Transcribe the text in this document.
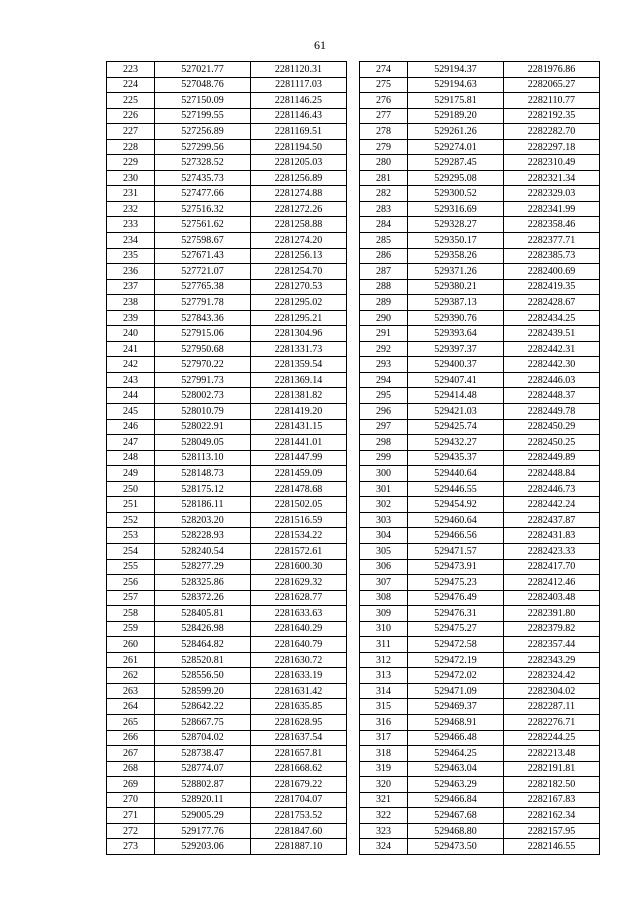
61
223	527021.77	2281120.31
224	527048.76	2281117.03
225	527150.09	2281146.25
226	527199.55	2281146.43
227	527256.89	2281169.51
228	527299.56	2281194.50
229	527328.52	2281205.03
230	527435.73	2281256.89
231	527477.66	2281274.88
232	527516.32	2281272.26
233	527561.62	2281258.88
234	527598.67	2281274.20
235	527671.43	2281256.13
236	527721.07	2281254.70
237	527765.38	2281270.53
238	527791.78	2281295.02
239	527843.36	2281295.21
240	527915.06	2281304.96
241	527950.68	2281331.73
242	527970.22	2281359.54
243	527991.73	2281369.14
244	528002.73	2281381.82
245	528010.79	2281419.20
246	528022.91	2281431.15
247	528049.05	2281441.01
248	528113.10	2281447.99
249	528148.73	2281459.09
250	528175.12	2281478.68
251	528186.11	2281502.05
252	528203.20	2281516.59
253	528228.93	2281534.22
254	528240.54	2281572.61
255	528277.29	2281600.30
256	528325.86	2281629.32
257	528372.26	2281628.77
258	528405.81	2281633.63
259	528426.98	2281640.29
260	528464.82	2281640.79
261	528520.81	2281630.72
262	528556.50	2281633.19
263	528599.20	2281631.42
264	528642.22	2281635.85
265	528667.75	2281628.95
266	528704.02	2281637.54
267	528738.47	2281657.81
268	528774.07	2281668.62
269	528802.87	2281679.22
270	528920.11	2281704.07
271	529005.29	2281753.52
272	529177.76	2281847.60
273	529203.06	2281887.10
274	529194.37	2281976.86
275	529194.63	2282065.27
276	529175.81	2282110.77
277	529189.20	2282192.35
278	529261.26	2282282.70
279	529274.01	2282297.18
280	529287.45	2282310.49
281	529295.08	2282321.34
282	529300.52	2282329.03
283	529316.69	2282341.99
284	529328.27	2282358.46
285	529350.17	2282377.71
286	529358.26	2282385.73
287	529371.26	2282400.69
288	529380.21	2282419.35
289	529387.13	2282428.67
290	529390.76	2282434.25
291	529393.64	2282439.51
292	529397.37	2282442.31
293	529400.37	2282442.30
294	529407.41	2282446.03
295	529414.48	2282448.37
296	529421.03	2282449.78
297	529425.74	2282450.29
298	529432.27	2282450.25
299	529435.37	2282449.89
300	529440.64	2282448.84
301	529446.55	2282446.73
302	529454.92	2282442.24
303	529460.64	2282437.87
304	529466.56	2282431.83
305	529471.57	2282423.33
306	529473.91	2282417.70
307	529475.23	2282412.46
308	529476.49	2282403.48
309	529476.31	2282391.80
310	529475.27	2282379.82
311	529472.58	2282357.44
312	529472.19	2282343.29
313	529472.02	2282324.42
314	529471.09	2282304.02
315	529469.37	2282287.11
316	529468.91	2282276.71
317	529466.48	2282244.25
318	529464.25	2282213.48
319	529463.04	2282191.81
320	529463.29	2282182.50
321	529466.84	2282167.83
322	529467.68	2282162.34
323	529468.80	2282157.95
324	529473.50	2282146.55
